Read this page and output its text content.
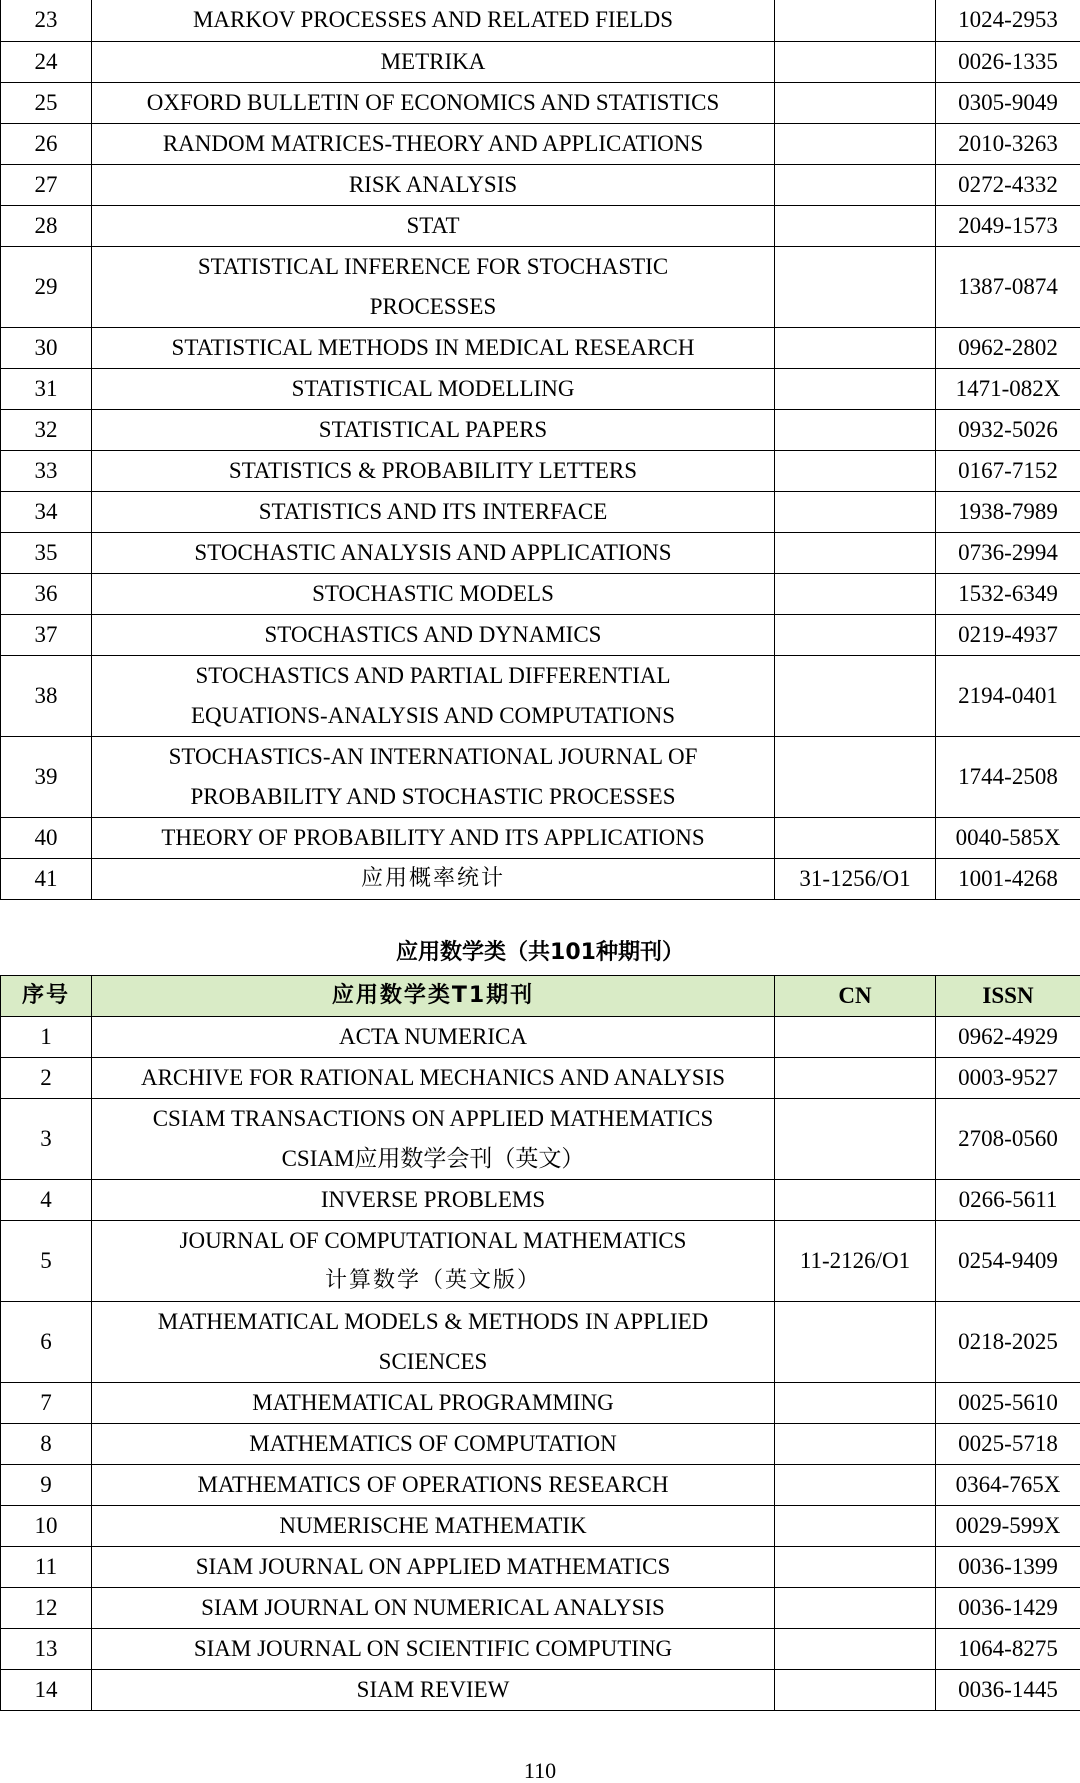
23	MARKOV PROCESSES AND RELATED FIELDS		1024-2953
24	METRIKA		0026-1335
25	OXFORD BULLETIN OF ECONOMICS AND STATISTICS		0305-9049
26	RANDOM MATRICES-THEORY AND APPLICATIONS		2010-3263
27	RISK ANALYSIS		0272-4332
28	STAT		2049-1573
29	STATISTICAL INFERENCE FOR STOCHASTIC
PROCESSES		1387-0874
30	STATISTICAL METHODS IN MEDICAL RESEARCH		0962-2802
31	STATISTICAL MODELLING		1471-082X
32	STATISTICAL PAPERS		0932-5026
33	STATISTICS & PROBABILITY LETTERS		0167-7152
34	STATISTICS AND ITS INTERFACE		1938-7989
35	STOCHASTIC ANALYSIS AND APPLICATIONS		0736-2994
36	STOCHASTIC MODELS		1532-6349
37	STOCHASTICS AND DYNAMICS		0219-4937
38	STOCHASTICS AND PARTIAL DIFFERENTIAL
EQUATIONS-ANALYSIS AND COMPUTATIONS		2194-0401
39	STOCHASTICS-AN INTERNATIONAL JOURNAL OF
PROBABILITY AND STOCHASTIC PROCESSES		1744-2508
40	THEORY OF PROBABILITY AND ITS APPLICATIONS		0040-585X
41	应用概率统计	31-1256/O1	1001-4268
应用数学类（共101种期刊）
序号	应用数学类T1期刊	CN	ISSN
1	ACTA NUMERICA		0962-4929
2	ARCHIVE FOR RATIONAL MECHANICS AND ANALYSIS		0003-9527
3	CSIAM TRANSACTIONS ON APPLIED MATHEMATICS
CSIAM应用数学会刊（英文）		2708-0560
4	INVERSE PROBLEMS		0266-5611
5	JOURNAL OF COMPUTATIONAL MATHEMATICS
计算数学（英文版）	11-2126/O1	0254-9409
6	MATHEMATICAL MODELS & METHODS IN APPLIED
SCIENCES		0218-2025
7	MATHEMATICAL PROGRAMMING		0025-5610
8	MATHEMATICS OF COMPUTATION		0025-5718
9	MATHEMATICS OF OPERATIONS RESEARCH		0364-765X
10	NUMERISCHE MATHEMATIK		0029-599X
11	SIAM JOURNAL ON APPLIED MATHEMATICS		0036-1399
12	SIAM JOURNAL ON NUMERICAL ANALYSIS		0036-1429
13	SIAM JOURNAL ON SCIENTIFIC COMPUTING		1064-8275
14	SIAM REVIEW		0036-1445
110
